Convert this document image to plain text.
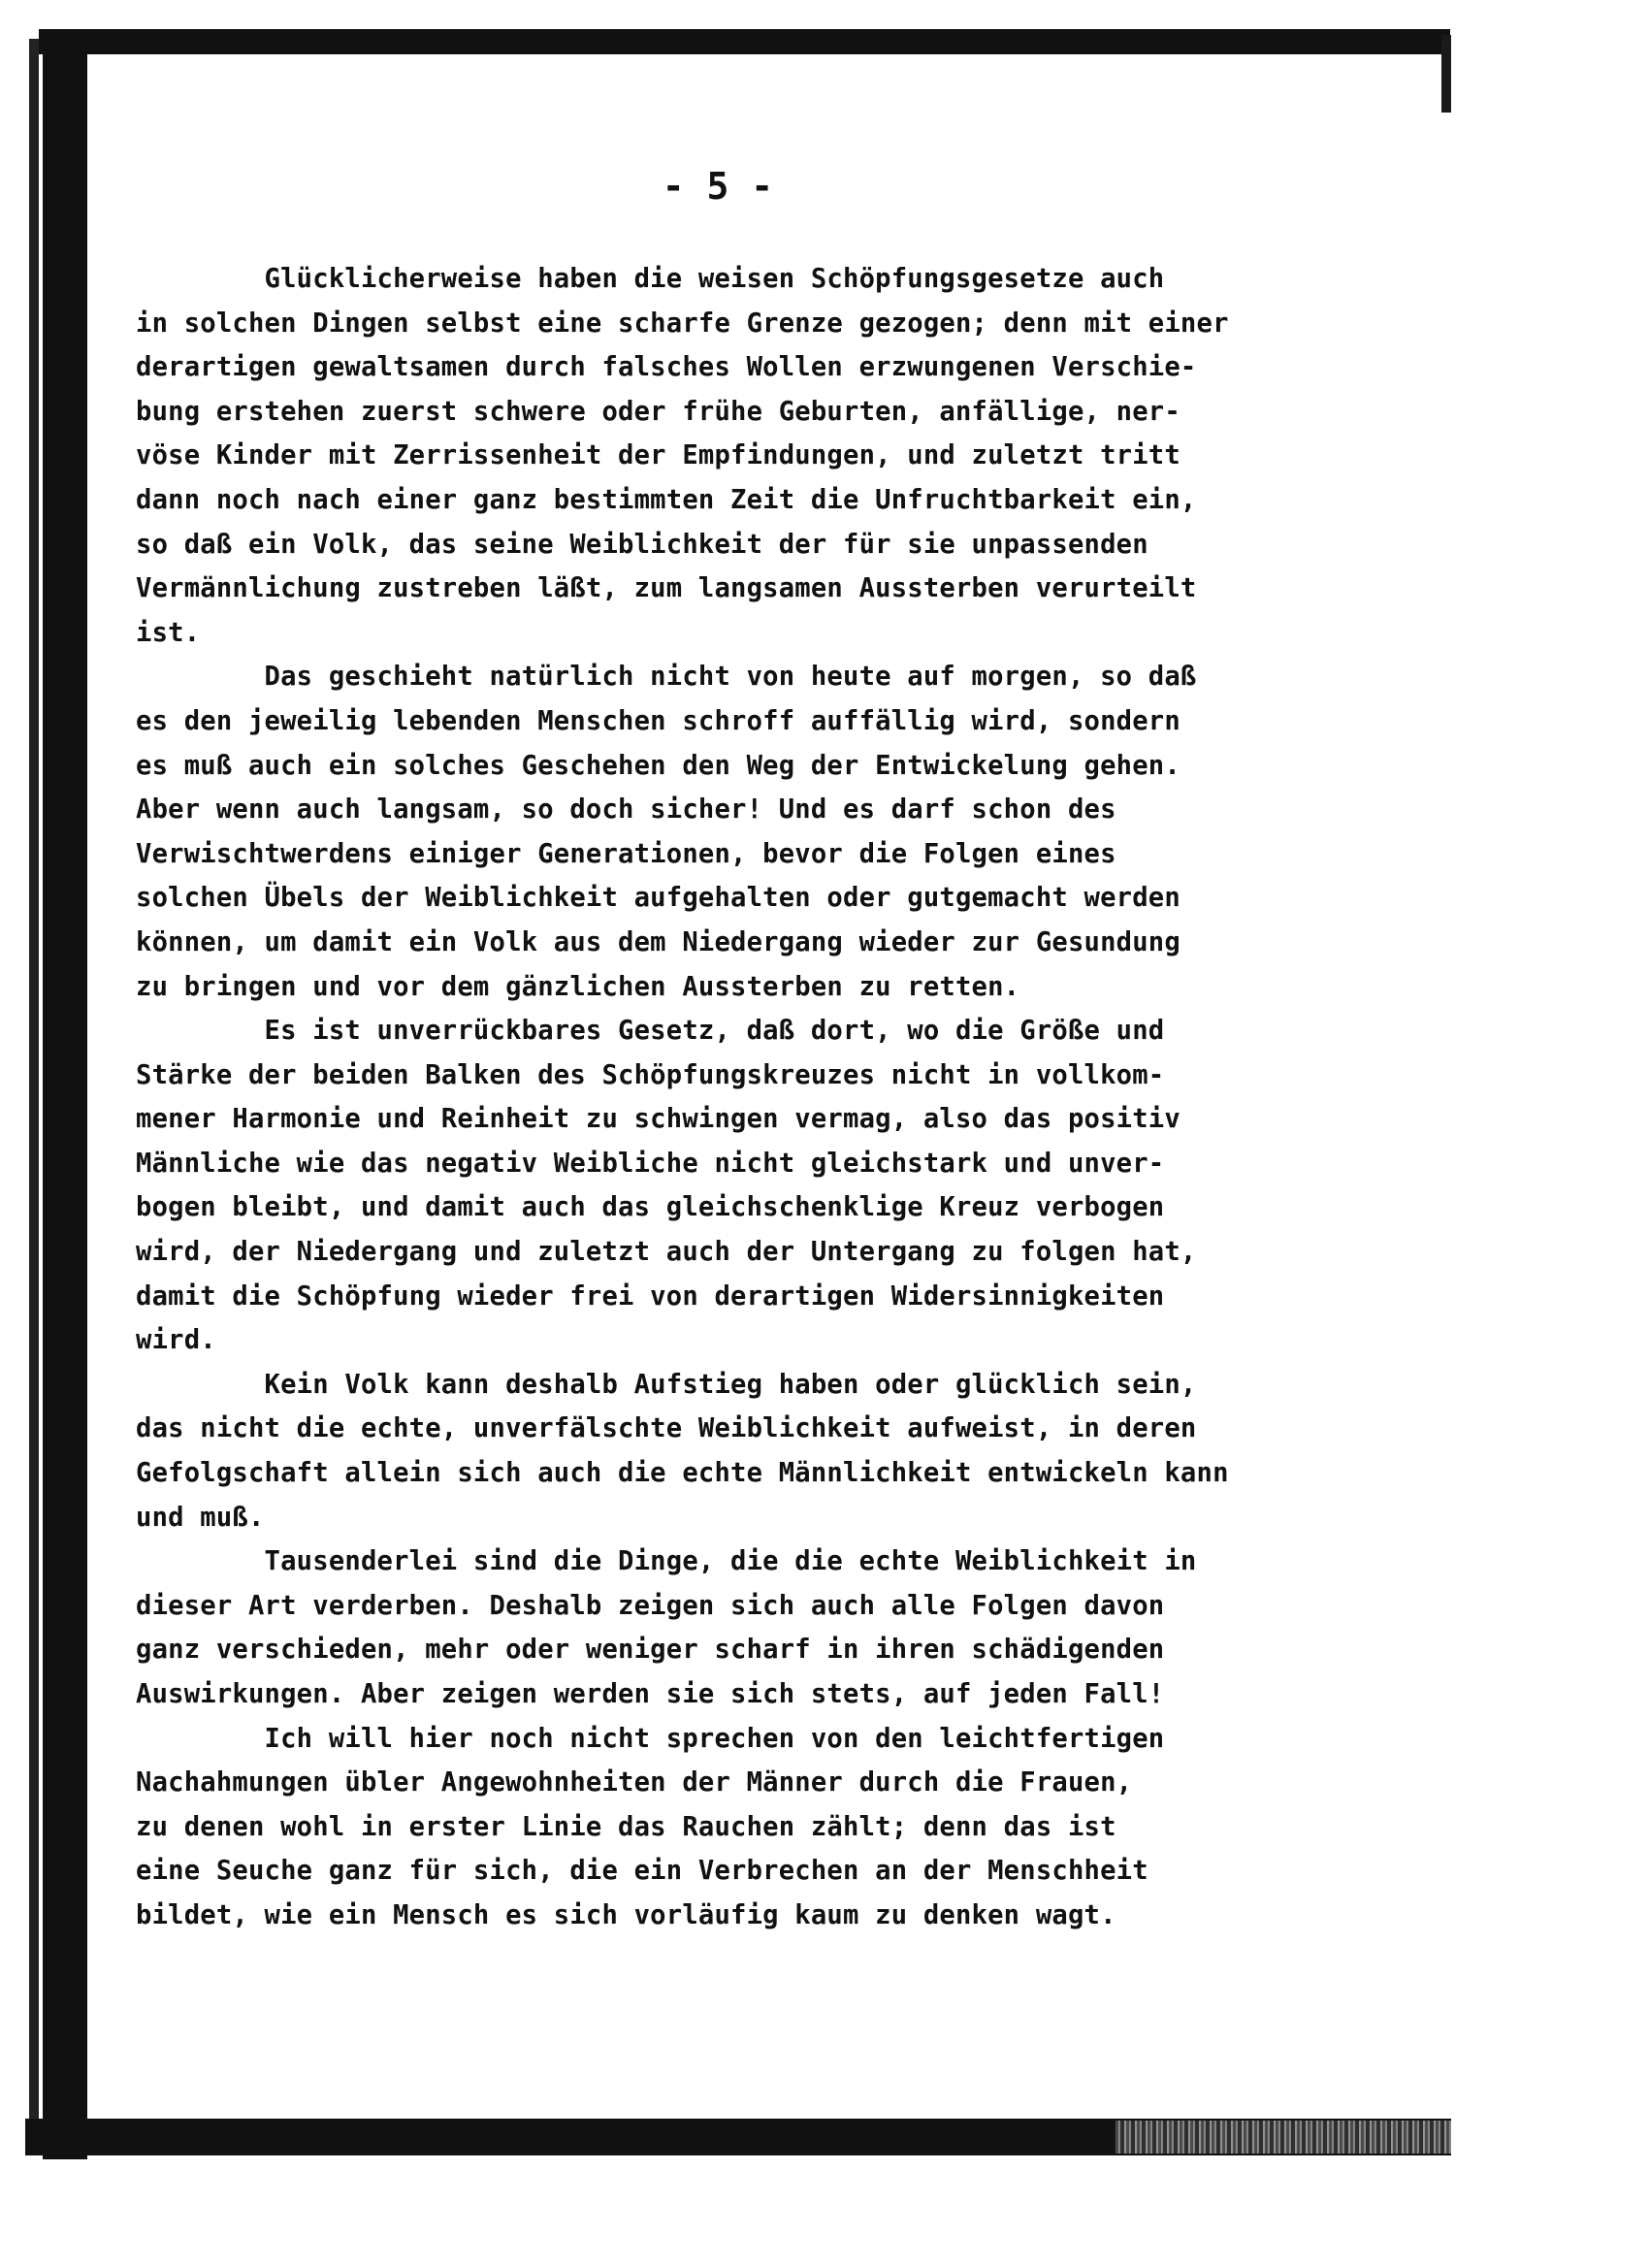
- 5 -
Glücklicherweise haben die weisen Schöpfungsgesetze auch
in solchen Dingen selbst eine scharfe Grenze gezogen; denn mit einer
derartigen gewaltsamen durch falsches Wollen erzwungenen Verschie-
bung erstehen zuerst schwere oder frühe Geburten, anfällige, ner-
vöse Kinder mit Zerrissenheit der Empfindungen, und zuletzt tritt
dann noch nach einer ganz bestimmten Zeit die Unfruchtbarkeit ein,
so daß ein Volk, das seine Weiblichkeit der für sie unpassenden
Vermännlichung zustreben läßt, zum langsamen Aussterben verurteilt
ist.
Das geschieht natürlich nicht von heute auf morgen, so daß
es den jeweilig lebenden Menschen schroff auffällig wird, sondern
es muß auch ein solches Geschehen den Weg der Entwickelung gehen.
Aber wenn auch langsam, so doch sicher! Und es darf schon des
Verwischtwerdens einiger Generationen, bevor die Folgen eines
solchen Übels der Weiblichkeit aufgehalten oder gutgemacht werden
können, um damit ein Volk aus dem Niedergang wieder zur Gesundung
zu bringen und vor dem gänzlichen Aussterben zu retten.
Es ist unverrückbares Gesetz, daß dort, wo die Größe und
Stärke der beiden Balken des Schöpfungskreuzes nicht in vollkom-
mener Harmonie und Reinheit zu schwingen vermag, also das positiv
Männliche wie das negativ Weibliche nicht gleichstark und unver-
bogen bleibt, und damit auch das gleichschenklige Kreuz verbogen
wird, der Niedergang und zuletzt auch der Untergang zu folgen hat,
damit die Schöpfung wieder frei von derartigen Widersinnigkeiten
wird.
Kein Volk kann deshalb Aufstieg haben oder glücklich sein,
das nicht die echte, unverfälschte Weiblichkeit aufweist, in deren
Gefolgschaft allein sich auch die echte Männlichkeit entwickeln kann
und muß.
Tausenderlei sind die Dinge, die die echte Weiblichkeit in
dieser Art verderben. Deshalb zeigen sich auch alle Folgen davon
ganz verschieden, mehr oder weniger scharf in ihren schädigenden
Auswirkungen. Aber zeigen werden sie sich stets, auf jeden Fall!
Ich will hier noch nicht sprechen von den leichtfertigen
Nachahmungen übler Angewohnheiten der Männer durch die Frauen,
zu denen wohl in erster Linie das Rauchen zählt; denn das ist
eine Seuche ganz für sich, die ein Verbrechen an der Menschheit
bildet, wie ein Mensch es sich vorläufig kaum zu denken wagt.
